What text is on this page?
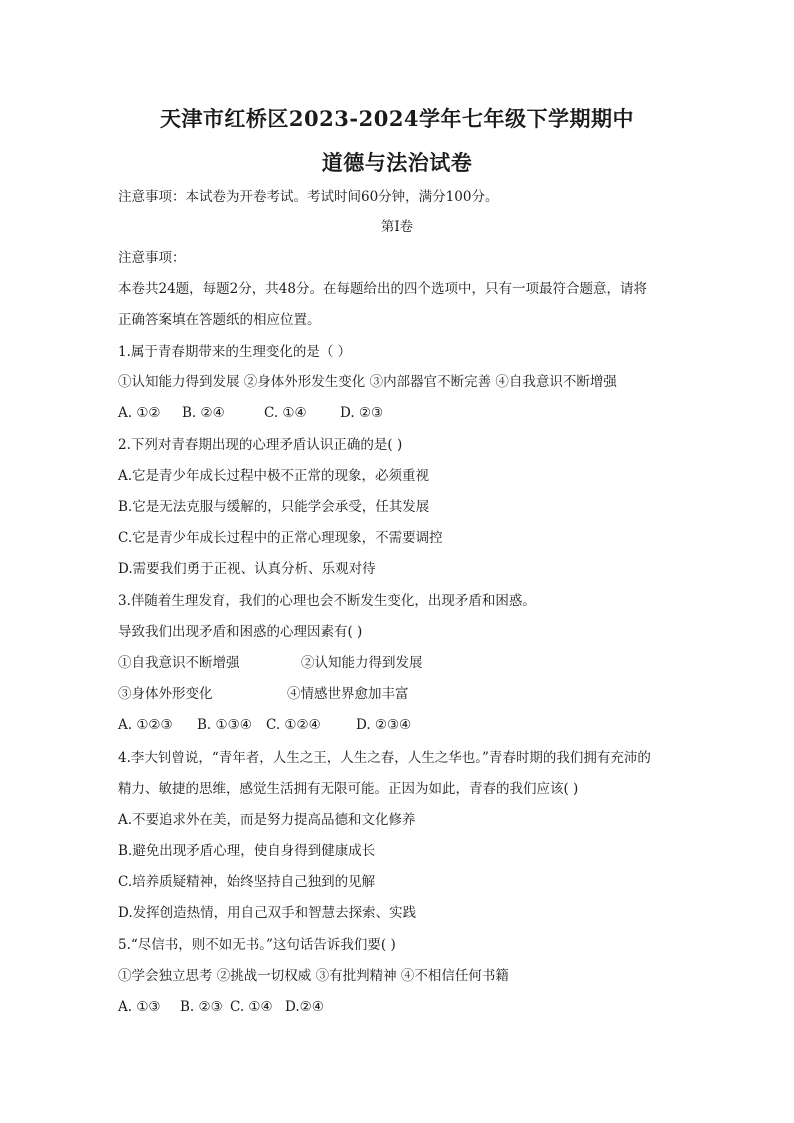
天津市红桥区2023-2024学年七年级下学期期中
道德与法治试卷
注意事项：本试卷为开卷考试。考试时间60分钟，满分100分。
第I卷
注意事项：
本卷共24题，每题2分，共48分。在每题给出的四个选项中，只有一项最符合题意，请将
正确答案填在答题纸的相应位置。
1.属于青春期带来的生理变化的是（ ）
①认知能力得到发展 ②身体外形发生变化 ③内部器官不断完善 ④自我意识不断增强
A. ①② B. ②④	C. ①④ D. ②③
2.下列对青春期出现的心理矛盾认识正确的是( )
A.它是青少年成长过程中极不正常的现象，必须重视
B.它是无法克服与缓解的，只能学会承受，任其发展
C.它是青少年成长过程中的正常心理现象，不需要调控
D.需要我们勇于正视、认真分析、乐观对待
3.伴随着生理发育，我们的心理也会不断发生变化，出现矛盾和困惑。
导致我们出现矛盾和困惑的心理因素有( )
①自我意识不断增强	②认知能力得到发展
③身体外形变化	④情感世界愈加丰富
A. ①②③ B. ①③④ C. ①②④	D. ②③④
4.李大钊曾说，“青年者，人生之王，人生之春，人生之华也。”青春时期的我们拥有充沛的
精力、敏捷的思维，感觉生活拥有无限可能。正因为如此，青春的我们应该( )
A.不要追求外在美，而是努力提高品德和文化修养
B.避免出现矛盾心理，使自身得到健康成长
C.培养质疑精神，始终坚持自己独到的见解
D.发挥创造热情，用自己双手和智慧去探索、实践
5.“尽信书，则不如无书。”这句话告诉我们要( )
①学会独立思考 ②挑战一切权威 ③有批判精神 ④不相信任何书籍
A. ①③ B. ②③ C. ①④ D.②④
